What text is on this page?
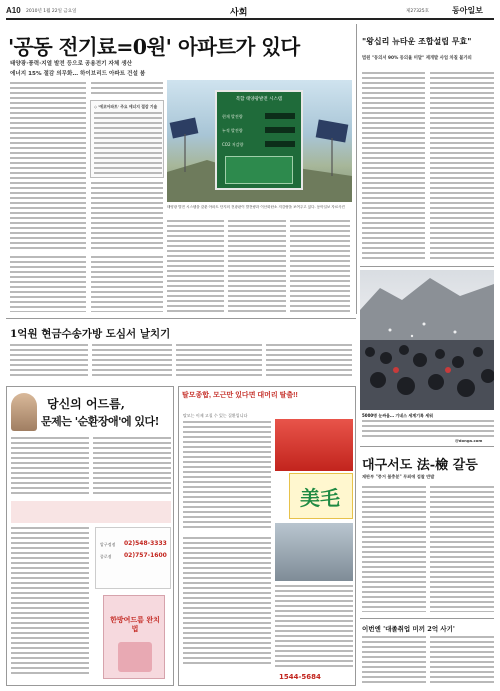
A10 2010년 1월 22일 금요일	사회	제27325호	동아일보
'공동 전기료=0원' 아파트가 있다
태양광·풍력·지열 발전 등으로 공용전기 자체 생산
에너지 15% 절감 의무화… 하이브리드 아파트 건설 붐
◇ '에코아파트' 주요 에너지 절감 기술
복합 태양광발전 시스템
현재 발전량
누적 발전량
CO2 저감량
태양광 발전 시스템을 갖춘 아파트 단지의 전광판이 발전량과 이산화탄소 저감량을 보여주고 있다. 동아일보 자료사진
"왕십리 뉴타운 조합설립 무효"
법원 "동의서 90% 동의율 미달" 재개발 사업 차질 불가피
1억원 현금수송가방 도심서 날치기
5000명 눈싸움… 기네스 세계기록 세워
@donga.com
당신의 어드름,
문제는 '순환장애'에 있다!
압구정점 02)548-3333
종로점 02)757-1600
한방여드름 완치법
탈모종합, 모근만 있다면 대머리 탈출!!
탈모는 이제 고칠 수 있는 질환입니다
美毛
1544-5684
대구서도 法-檢 갈등
재판부 "증거 불충분" 무죄에 검찰 반발
이번엔 '대졸취업 미끼 2억 사기'
